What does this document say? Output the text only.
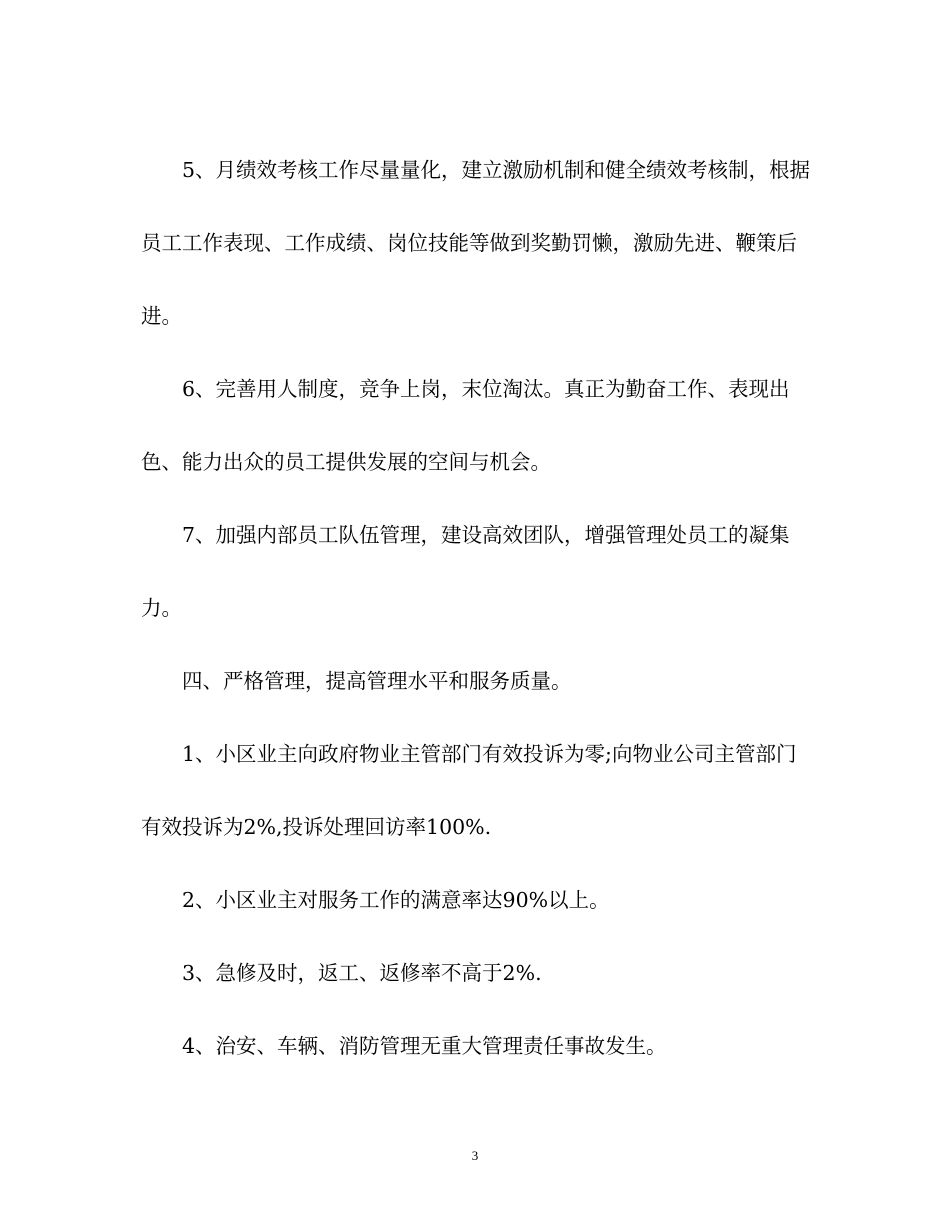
5、月绩效考核工作尽量量化，建立激励机制和健全绩效考核制，根据员工工作表现、工作成绩、岗位技能等做到奖勤罚懒，激励先进、鞭策后进。

6、完善用人制度，竞争上岗，末位淘汰。真正为勤奋工作、表现出色、能力出众的员工提供发展的空间与机会。

7、加强内部员工队伍管理，建设高效团队，增强管理处员工的凝集力。

四、严格管理，提高管理水平和服务质量。

1、小区业主向政府物业主管部门有效投诉为零;向物业公司主管部门有效投诉为2%,投诉处理回访率100%.

2、小区业主对服务工作的满意率达90%以上。

3、急修及时，返工、返修率不高于2%.

4、治安、车辆、消防管理无重大管理责任事故发生。

3
